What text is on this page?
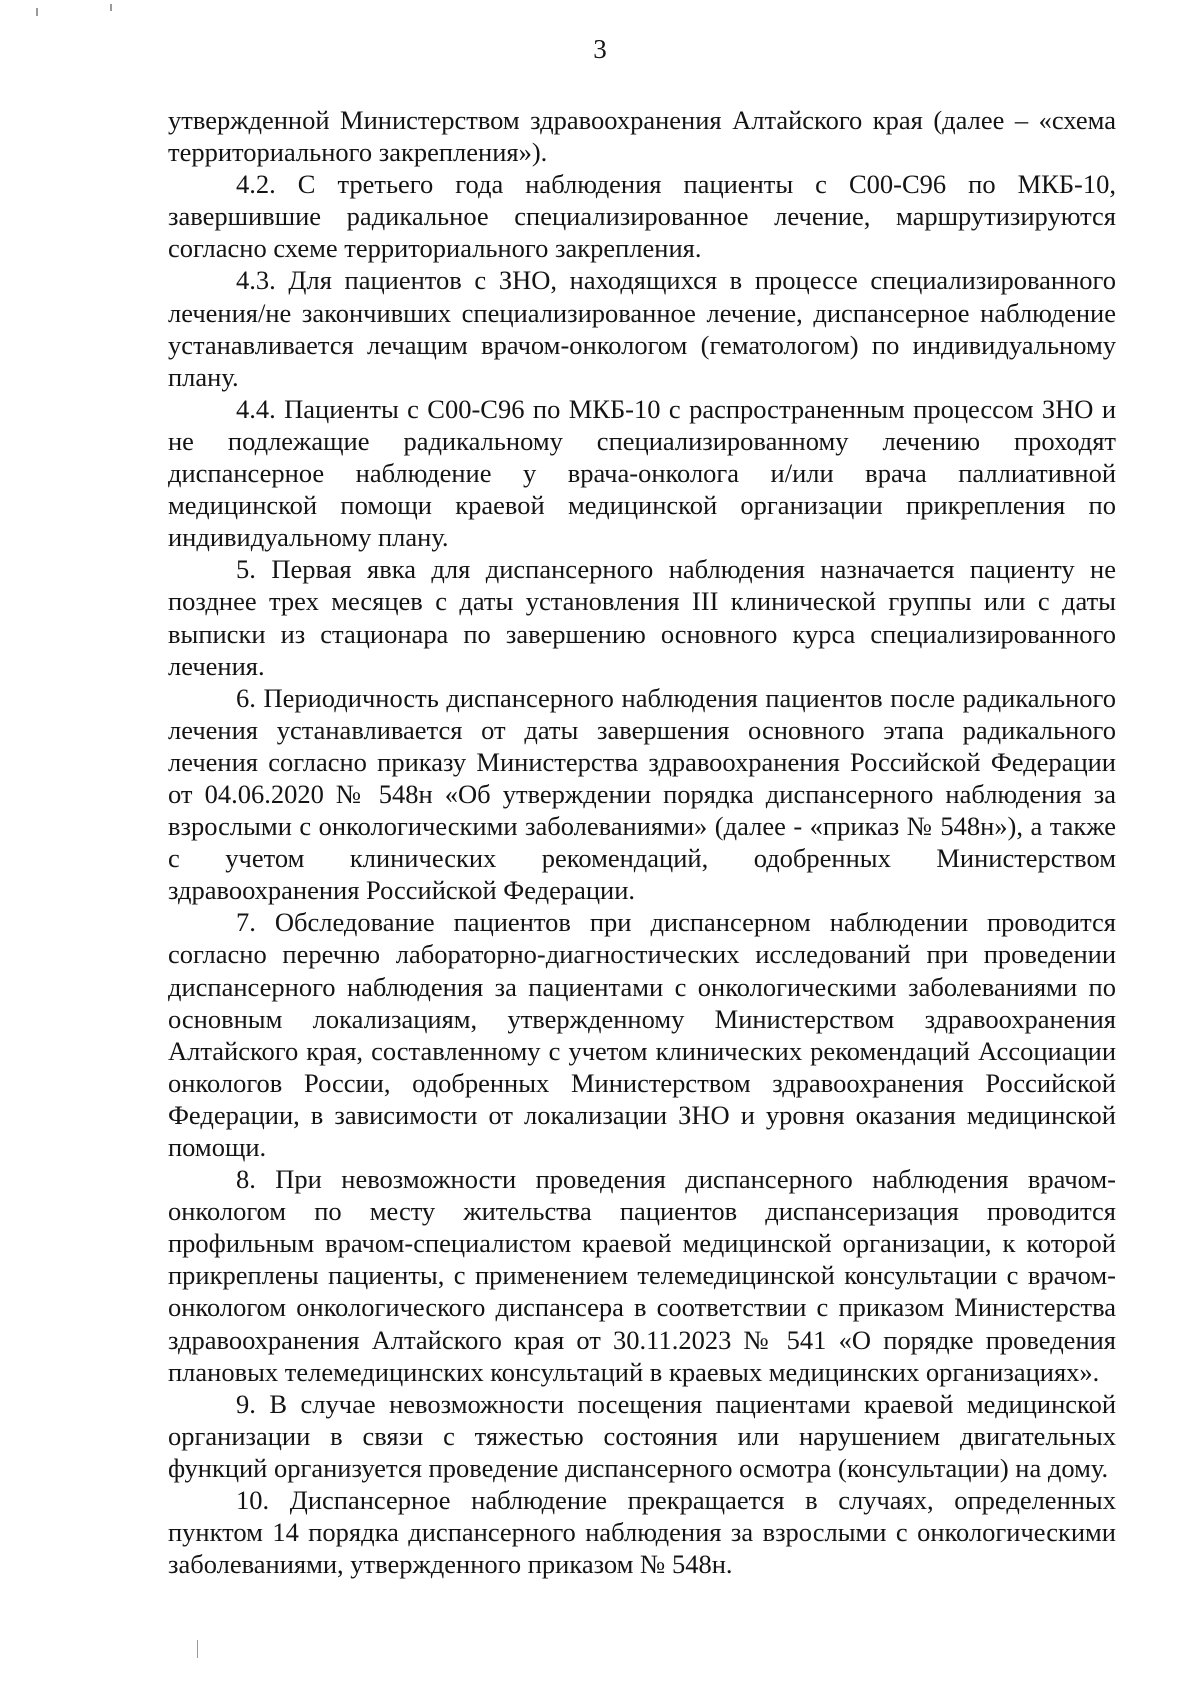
3

утвержденной Министерством здравоохранения Алтайского края (далее – «схема территориального закрепления»).

4.2. С третьего года наблюдения пациенты с С00-С96 по МКБ-10, завершившие радикальное специализированное лечение, маршрутизируются согласно схеме территориального закрепления.

4.3. Для пациентов с ЗНО, находящихся в процессе специализированного лечения/не закончивших специализированное лечение, диспансерное наблюдение устанавливается лечащим врачом-онкологом (гематологом) по индивидуальному плану.

4.4. Пациенты с С00-С96 по МКБ-10 с распространенным процессом ЗНО и не подлежащие радикальному специализированному лечению проходят диспансерное наблюдение у врача-онколога и/или врача паллиативной медицинской помощи краевой медицинской организации прикрепления по индивидуальному плану.

5. Первая явка для диспансерного наблюдения назначается пациенту не позднее трех месяцев с даты установления III клинической группы или с даты выписки из стационара по завершению основного курса специализированного лечения.

6. Периодичность диспансерного наблюдения пациентов после радикального лечения устанавливается от даты завершения основного этапа радикального лечения согласно приказу Министерства здравоохранения Российской Федерации от 04.06.2020 № 548н «Об утверждении порядка диспансерного наблюдения за взрослыми с онкологическими заболеваниями» (далее - «приказ № 548н»), а также с учетом клинических рекомендаций, одобренных Министерством здравоохранения Российской Федерации.

7. Обследование пациентов при диспансерном наблюдении проводится согласно перечню лабораторно-диагностических исследований при проведении диспансерного наблюдения за пациентами с онкологическими заболеваниями по основным локализациям, утвержденному Министерством здравоохранения Алтайского края, составленному с учетом клинических рекомендаций Ассоциации онкологов России, одобренных Министерством здравоохранения Российской Федерации, в зависимости от локализации ЗНО и уровня оказания медицинской помощи.

8. При невозможности проведения диспансерного наблюдения врачом-онкологом по месту жительства пациентов диспансеризация проводится профильным врачом-специалистом краевой медицинской организации, к которой прикреплены пациенты, с применением телемедицинской консультации с врачом-онкологом онкологического диспансера в соответствии с приказом Министерства здравоохранения Алтайского края от 30.11.2023 № 541 «О порядке проведения плановых телемедицинских консультаций в краевых медицинских организациях».

9. В случае невозможности посещения пациентами краевой медицинской организации в связи с тяжестью состояния или нарушением двигательных функций организуется проведение диспансерного осмотра (консультации) на дому.

10. Диспансерное наблюдение прекращается в случаях, определенных пунктом 14 порядка диспансерного наблюдения за взрослыми с онкологическими заболеваниями, утвержденного приказом № 548н.
